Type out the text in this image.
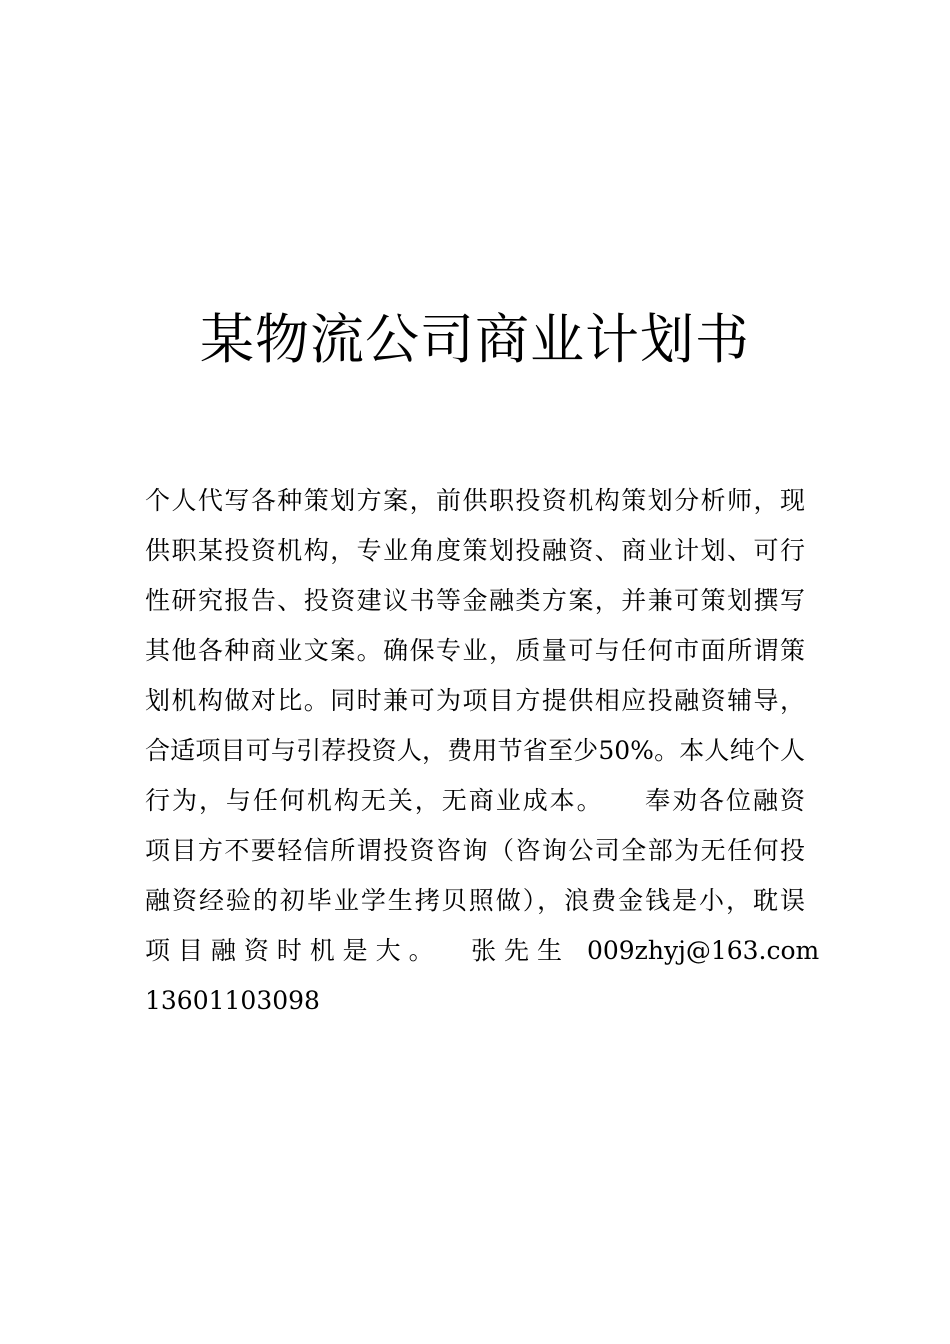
某物流公司商业计划书
个人代写各种策划方案，前供职投资机构策划分析师，现
供职某投资机构，专业角度策划投融资、商业计划、可行
性研究报告、投资建议书等金融类方案，并兼可策划撰写
其他各种商业文案。确保专业，质量可与任何市面所谓策
划机构做对比。同时兼可为项目方提供相应投融资辅导，
合适项目可与引荐投资人，费用节省至少50%。本人纯个人
行为，与任何机构无关，无商业成本。　　奉劝各位融资
项目方不要轻信所谓投资咨询（咨询公司全部为无任何投
融资经验的初毕业学生拷贝照做），浪费金钱是小，耽误
项 目 融 资 时 机 是 大 。　　张 先 生　009zhyj@163.com
13601103098
